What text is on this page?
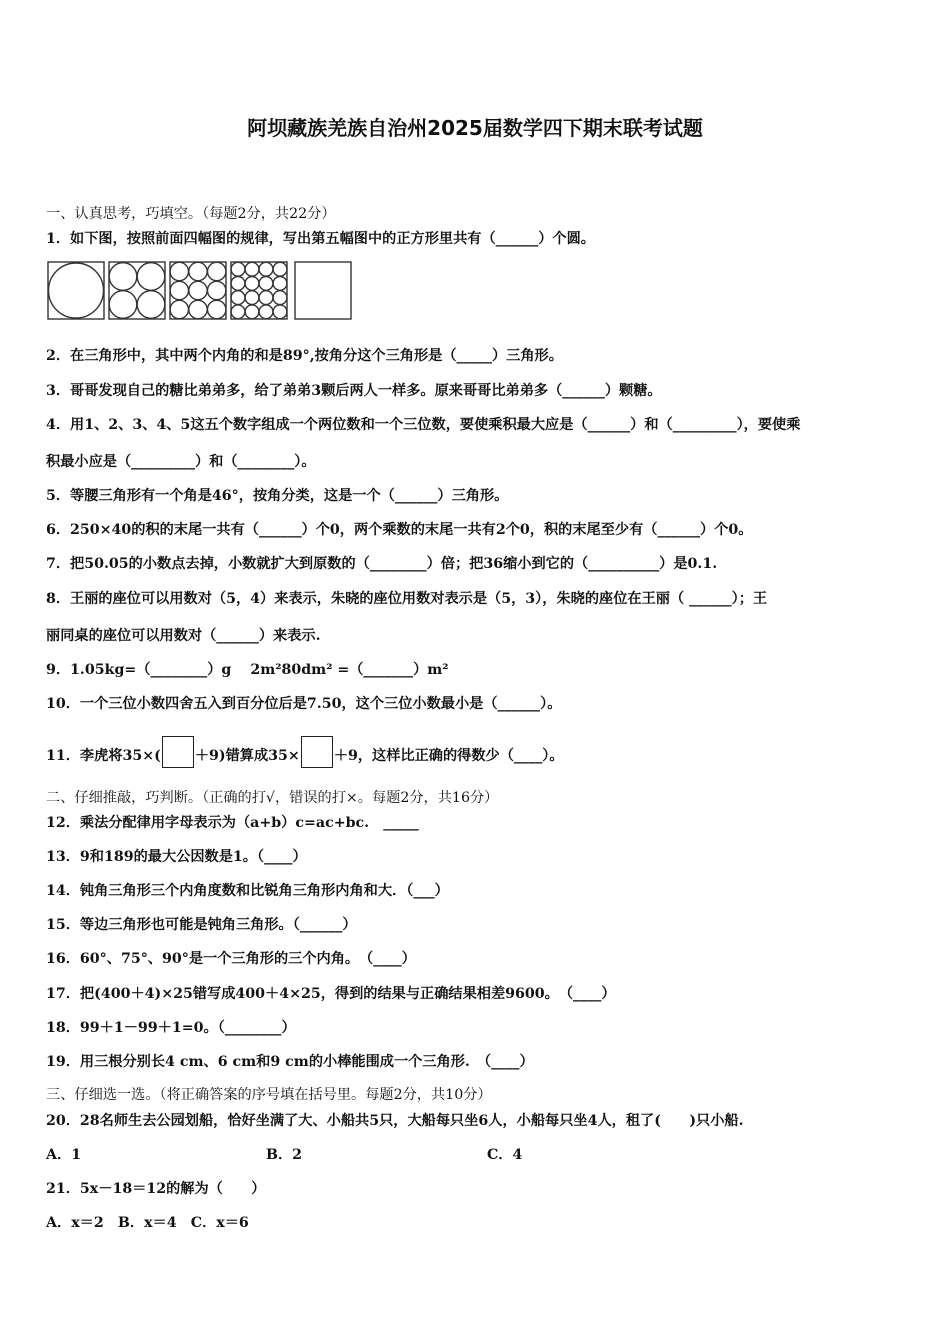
阿坝藏族羌族自治州2025届数学四下期末联考试题
一、认真思考，巧填空。（每题2分，共22分）
1．如下图，按照前面四幅图的规律，写出第五幅图中的正方形里共有（______）个圆。
2．在三角形中，其中两个内角的和是89°,按角分这个三角形是（_____）三角形。
3．哥哥发现自己的糖比弟弟多，给了弟弟3颗后两人一样多。原来哥哥比弟弟多（______）颗糖。
4．用1、2、3、4、5这五个数字组成一个两位数和一个三位数，要使乘积最大应是（______）和（_________），要使乘
积最小应是（_________）和（________）。
5．等腰三角形有一个角是46°，按角分类，这是一个（______）三角形。
6．250×40的积的末尾一共有（______）个0，两个乘数的末尾一共有2个0，积的末尾至少有（______）个0。
7．把50.05的小数点去掉，小数就扩大到原数的（________）倍；把36缩小到它的（__________）是0.1.
8．王丽的座位可以用数对（5，4）来表示，朱晓的座位用数对表示是（5，3），朱晓的座位在王丽（ ______）；王
丽同桌的座位可以用数对（______）来表示.
9．1.05kg=（________）g　 2m²80dm² =（_______）m²
10．一个三位小数四舍五入到百分位后是7.50，这个三位小数最小是（______）。
11．李虎将35×( ＋9)错算成35× ＋9，这样比正确的得数少（____）。
二、仔细推敲，巧判断。（正确的打√，错误的打×。每题2分，共16分）
12．乘法分配律用字母表示为（a+b）c=ac+bc.　_____
13．9和189的最大公因数是1。（____）
14．钝角三角形三个内角度数和比锐角三角形内角和大．（___）
15．等边三角形也可能是钝角三角形。（______）
16．60°、75°、90°是一个三角形的三个内角。　（____）
17．把(400＋4)×25错写成400＋4×25，得到的结果与正确结果相差9600。　（____）
18．99＋1－99＋1=0。（________）
19．用三根分别长4 cm、6 cm和9 cm的小棒能围成一个三角形.　（____）
三、仔细选一选。（将正确答案的序号填在括号里。每题2分，共10分）
20．28名师生去公园划船，恰好坐满了大、小船共5只，大船每只坐6人，小船每只坐4人，租了(　　)只小船.
A．1	B．2	C．4
21．5x－18＝12的解为（　　）
A．x＝2　B．x＝4　C．x＝6
